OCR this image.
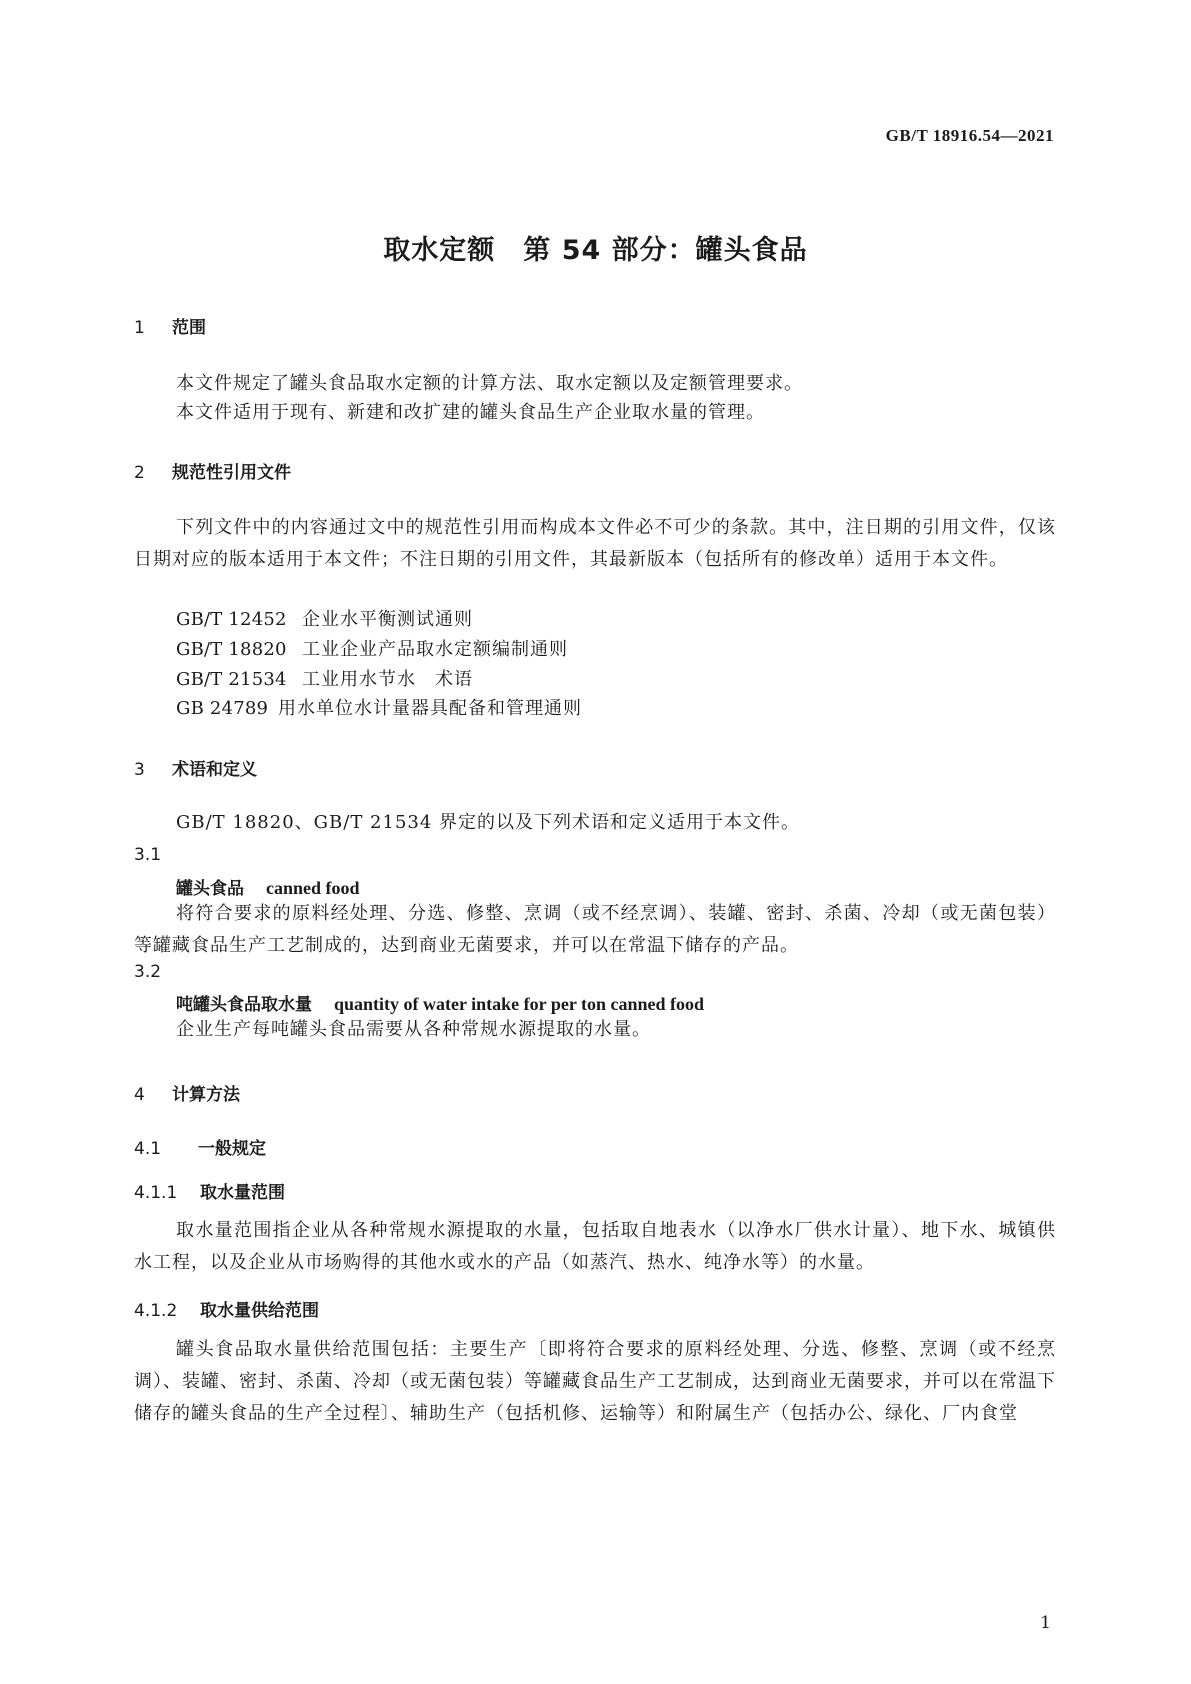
GB/T 18916.54—2021
取水定额　第 54 部分：罐头食品
1 范围
本文件规定了罐头食品取水定额的计算方法、取水定额以及定额管理要求。
本文件适用于现有、新建和改扩建的罐头食品生产企业取水量的管理。
2 规范性引用文件
下列文件中的内容通过文中的规范性引用而构成本文件必不可少的条款。其中，注日期的引用文件，仅该日期对应的版本适用于本文件；不注日期的引用文件，其最新版本（包括所有的修改单）适用于本文件。
GB/T 12452 企业水平衡测试通则
GB/T 18820 工业企业产品取水定额编制通则
GB/T 21534 工业用水节水　术语
GB 24789 用水单位水计量器具配备和管理通则
3 术语和定义
GB/T 18820、GB/T 21534 界定的以及下列术语和定义适用于本文件。
3.1
罐头食品 canned food
将符合要求的原料经处理、分选、修整、烹调（或不经烹调）、装罐、密封、杀菌、冷却（或无菌包装）等罐藏食品生产工艺制成的，达到商业无菌要求，并可以在常温下储存的产品。
3.2
吨罐头食品取水量 quantity of water intake for per ton canned food
企业生产每吨罐头食品需要从各种常规水源提取的水量。
4 计算方法
4.1 一般规定
4.1.1 取水量范围
取水量范围指企业从各种常规水源提取的水量，包括取自地表水（以净水厂供水计量）、地下水、城镇供水工程，以及企业从市场购得的其他水或水的产品（如蒸汽、热水、纯净水等）的水量。
4.1.2 取水量供给范围
罐头食品取水量供给范围包括：主要生产〔即将符合要求的原料经处理、分选、修整、烹调（或不经烹调）、装罐、密封、杀菌、冷却（或无菌包装）等罐藏食品生产工艺制成，达到商业无菌要求，并可以在常温下储存的罐头食品的生产全过程〕、辅助生产（包括机修、运输等）和附属生产（包括办公、绿化、厂内食堂
1
